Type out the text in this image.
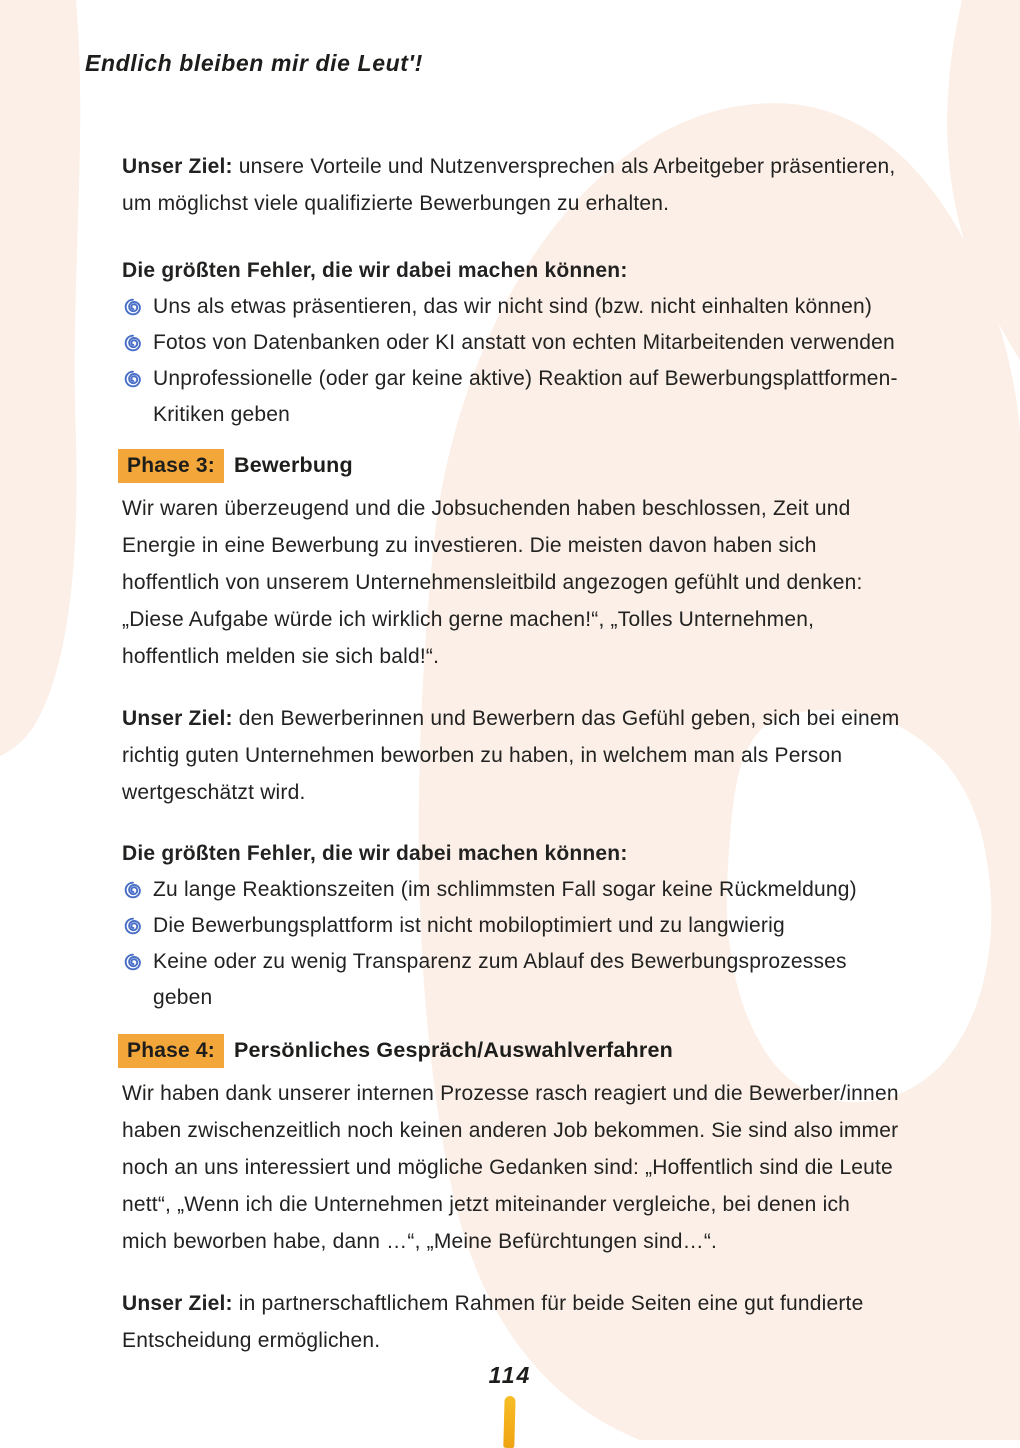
Endlich bleiben mir die Leut'!

Unser Ziel: unsere Vorteile und Nutzenversprechen als Arbeitgeber präsentieren, um möglichst viele qualifizierte Bewerbungen zu erhalten.

Die größten Fehler, die wir dabei machen können:

Uns als etwas präsentieren, das wir nicht sind (bzw. nicht einhalten können)
Fotos von Datenbanken oder KI anstatt von echten Mitarbeitenden verwenden
Unprofessionelle (oder gar keine aktive) Reaktion auf Bewerbungsplattformen-Kritiken geben
Phase 3: Bewerbung

Wir waren überzeugend und die Jobsuchenden haben beschlossen, Zeit und Energie in eine Bewerbung zu investieren. Die meisten davon haben sich hoffentlich von unserem Unternehmensleitbild angezogen gefühlt und denken: „Diese Aufgabe würde ich wirklich gerne machen!“, „Tolles Unternehmen, hoffentlich melden sie sich bald!“.

Unser Ziel: den Bewerberinnen und Bewerbern das Gefühl geben, sich bei einem richtig guten Unternehmen beworben zu haben, in welchem man als Person wertgeschätzt wird.

Die größten Fehler, die wir dabei machen können:

Zu lange Reaktionszeiten (im schlimmsten Fall sogar keine Rückmeldung)
Die Bewerbungsplattform ist nicht mobiloptimiert und zu langwierig
Keine oder zu wenig Transparenz zum Ablauf des Bewerbungsprozesses geben
Phase 4: Persönliches Gespräch/Auswahlverfahren

Wir haben dank unserer internen Prozesse rasch reagiert und die Bewerber/innen haben zwischenzeitlich noch keinen anderen Job bekommen. Sie sind also immer noch an uns interessiert und mögliche Gedanken sind: „Hoffentlich sind die Leute nett“, „Wenn ich die Unternehmen jetzt miteinander vergleiche, bei denen ich mich beworben habe, dann …“, „Meine Befürchtungen sind…“.

Unser Ziel: in partnerschaftlichem Rahmen für beide Seiten eine gut fundierte Entscheidung ermöglichen.

114
